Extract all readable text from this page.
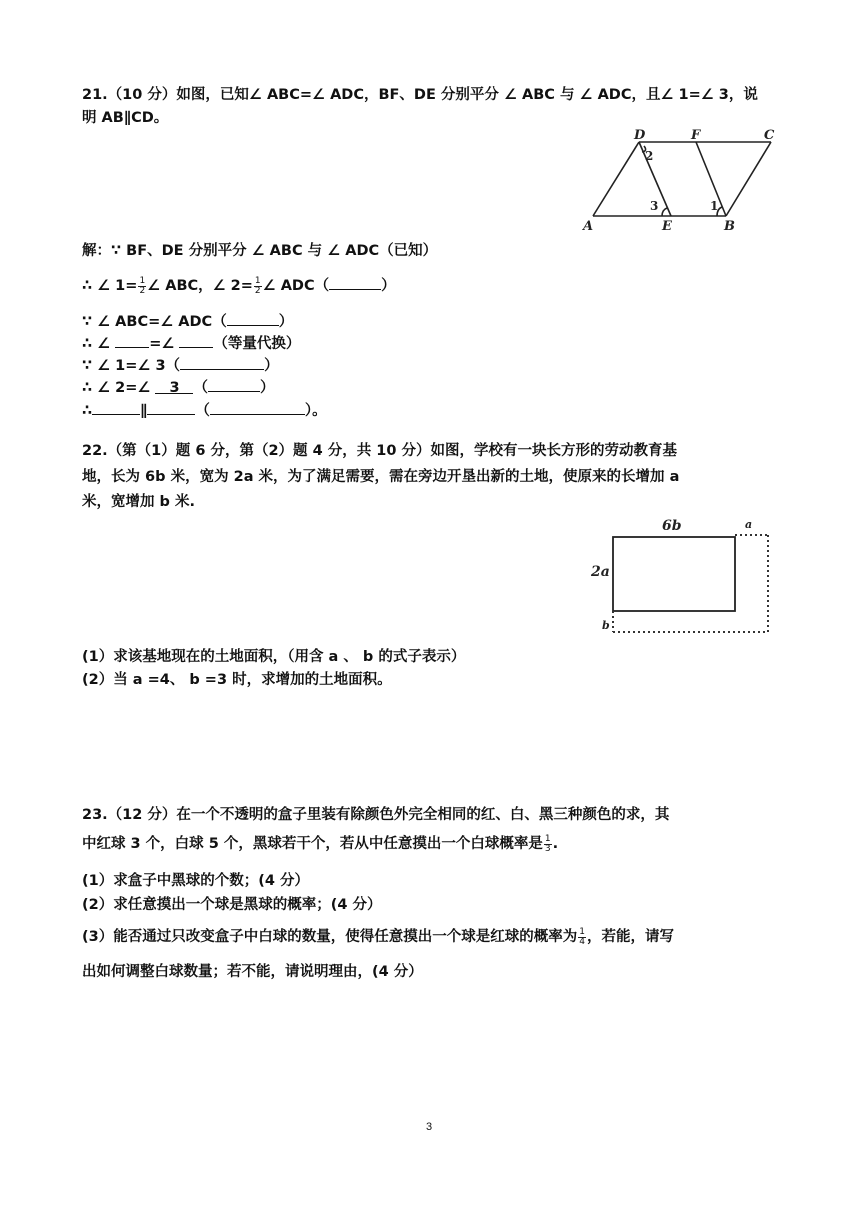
21.（10 分）如图，已知∠ ABC=∠ ADC，BF、DE 分别平分 ∠ ABC 与 ∠ ADC，且∠ 1=∠ 3，说
明 AB∥CD。
D	F	C
A	E	B
2
3	1
解：∵ BF、DE 分别平分 ∠ ABC 与 ∠ ADC（已知）
∴ ∠ $1= \frac{1}{2}$ ∠ ABC，∠ $2= \frac{1}{2}$ ∠ ADC（	）
∵ ∠ ABC=∠ ADC（	）
∴ ∠ =∠ （等量代换）
∵ ∠ 1=∠ 3（	）
∴ ∠ 2=∠ 3 （	）
∴	∥	（	）。
22.（第（1）题 6 分，第（2）题 4 分，共 10 分）如图，学校有一块长方形的劳动教育基
地，长为 6b 米，宽为 2a 米，为了满足需要，需在旁边开垦出新的土地，使原来的长增加 a
米，宽增加 b 米.
6b
2a
a
b
(1）求该基地现在的土地面积，（用含 a 、 b 的式子表示）
(2）当 a =4、 b =3 时，求增加的土地面积。
23.（12 分）在一个不透明的盒子里装有除颜色外完全相同的红、白、黑三种颜色的求，其
中红球 3 个，白球 5 个，黑球若干个，若从中任意摸出一个白球概率是 $\frac{1}{3}$ .
(1）求盒子中黑球的个数；(4 分）
(2）求任意摸出一个球是黑球的概率；(4 分）
(3）能否通过只改变盒子中白球的数量，使得任意摸出一个球是红球的概率为 $\frac{1}{4}$ ，若能，请写
出如何调整白球数量；若不能，请说明理由，(4 分）
3
